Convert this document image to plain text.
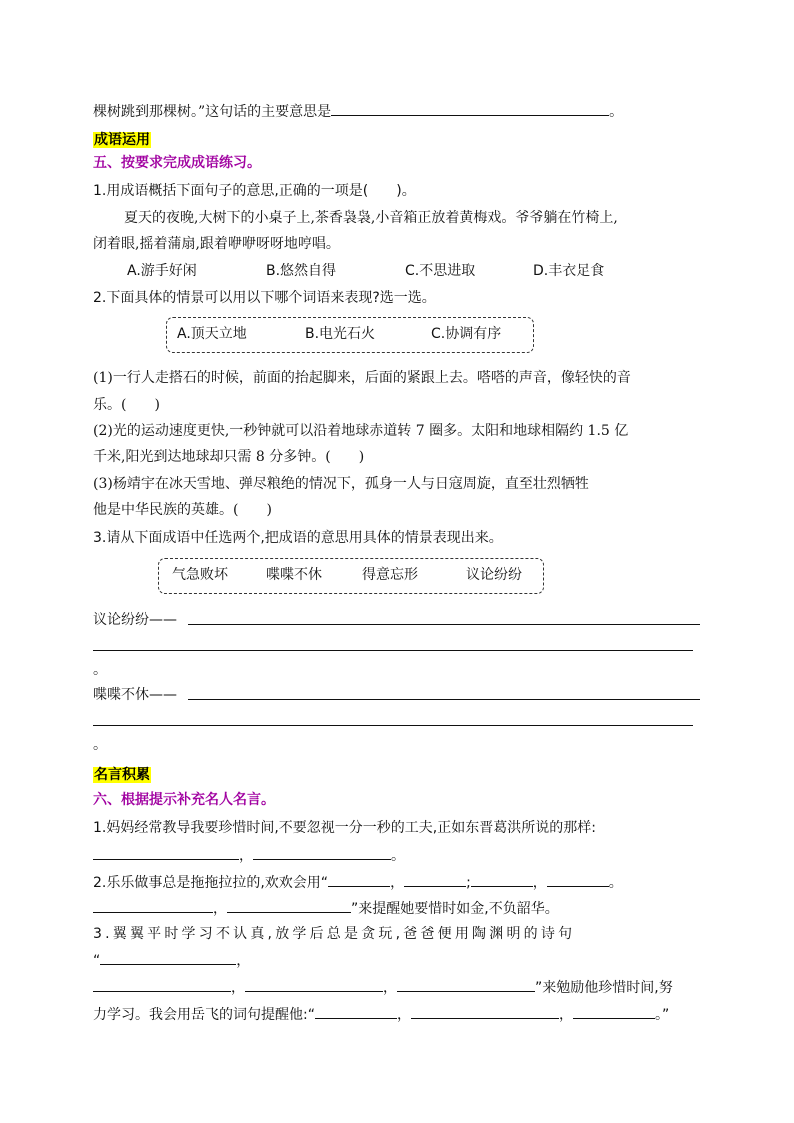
棵树跳到那棵树。”这句话的主要意思是	。
成语运用
五、按要求完成成语练习。
1.用成语概括下面句子的意思,正确的一项是(　　)。
夏天的夜晚,大树下的小桌子上,茶香袅袅,小音箱正放着黄梅戏。爷爷躺在竹椅上,
闭着眼,摇着蒲扇,跟着咿咿呀呀地哼唱。
A.游手好闲	B.悠然自得	C.不思进取	D.丰衣足食
2.下面具体的情景可以用以下哪个词语来表现?选一选。
A.顶天立地	B.电光石火	C.协调有序
(1)一行人走搭石的时候，前面的抬起脚来，后面的紧跟上去。嗒嗒的声音，像轻快的音
乐。(　　)
(2)光的运动速度更快,一秒钟就可以沿着地球赤道转 7 圈多。太阳和地球相隔约 1.5 亿
千米,阳光到达地球却只需 8 分多钟。(　　)
(3)杨靖宇在冰天雪地、弹尽粮绝的情况下，孤身一人与日寇周旋，直至壮烈牺牲
他是中华民族的英雄。(　　)
3.请从下面成语中任选两个,把成语的意思用具体的情景表现出来。
气急败坏	喋喋不休	得意忘形	议论纷纷
议论纷纷——
。
喋喋不休——
。
名言积累
六、根据提示补充名人名言。
1.妈妈经常教导我要珍惜时间,不要忽视一分一秒的工夫,正如东晋葛洪所说的那样:
，	。
2.乐乐做事总是拖拖拉拉的,欢欢会用“	，	;	，	。
，	”来提醒她要惜时如金,不负韶华。
3.翼翼平时学习不认真,放学后总是贪玩,爸爸便用陶渊明的诗句
“	，
，	，	”来勉励他珍惜时间,努
力学习。我会用岳飞的词句提醒他:“	，	，	。”
